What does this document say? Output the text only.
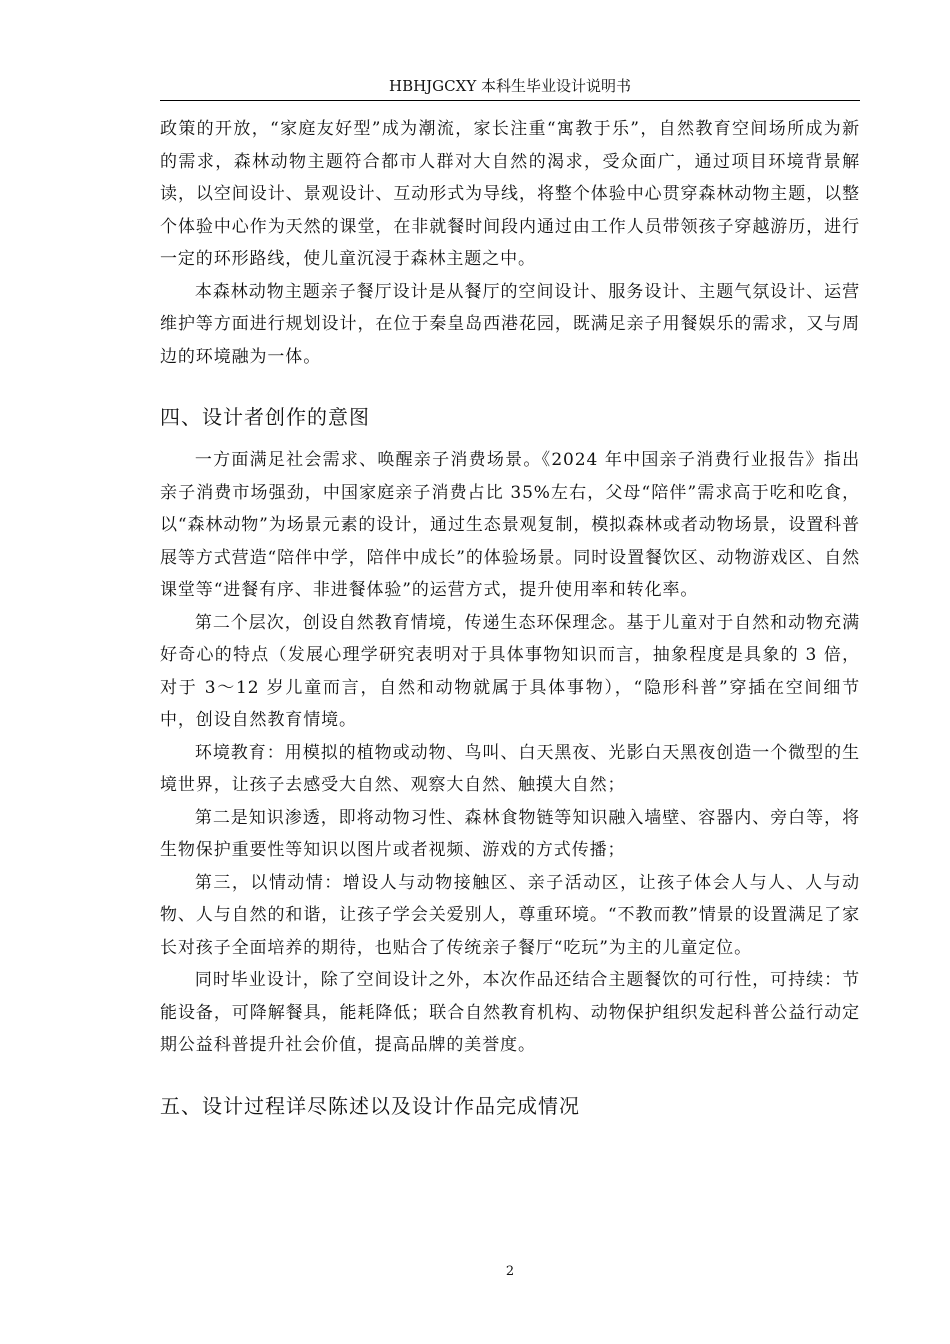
HBHJGCXY 本科生毕业设计说明书

政策的开放，“家庭友好型”成为潮流，家长注重“寓教于乐”，自然教育空间场所成为新的需求，森林动物主题符合都市人群对大自然的渴求，受众面广，通过项目环境背景解读，以空间设计、景观设计、互动形式为导线，将整个体验中心贯穿森林动物主题，以整个体验中心作为天然的课堂，在非就餐时间段内通过由工作人员带领孩子穿越游历，进行一定的环形路线，使儿童沉浸于森林主题之中。

本森林动物主题亲子餐厅设计是从餐厅的空间设计、服务设计、主题气氛设计、运营维护等方面进行规划设计，在位于秦皇岛西港花园，既满足亲子用餐娱乐的需求，又与周边的环境融为一体。

四、设计者创作的意图

一方面满足社会需求、唤醒亲子消费场景。《2024 年中国亲子消费行业报告》指出亲子消费市场强劲，中国家庭亲子消费占比 35%左右，父母“陪伴”需求高于吃和吃食，以“森林动物”为场景元素的设计，通过生态景观复制，模拟森林或者动物场景，设置科普展等方式营造“陪伴中学，陪伴中成长”的体验场景。同时设置餐饮区、动物游戏区、自然课堂等“进餐有序、非进餐体验”的运营方式，提升使用率和转化率。

第二个层次，创设自然教育情境，传递生态环保理念。基于儿童对于自然和动物充满好奇心的特点（发展心理学研究表明对于具体事物知识而言，抽象程度是具象的 3 倍，对于 3～12 岁儿童而言，自然和动物就属于具体事物），“隐形科普”穿插在空间细节中，创设自然教育情境。

环境教育：用模拟的植物或动物、鸟叫、白天黑夜、光影白天黑夜创造一个微型的生境世界，让孩子去感受大自然、观察大自然、触摸大自然；

第二是知识渗透，即将动物习性、森林食物链等知识融入墙壁、容器内、旁白等，将生物保护重要性等知识以图片或者视频、游戏的方式传播；

第三，以情动情：增设人与动物接触区、亲子活动区，让孩子体会人与人、人与动物、人与自然的和谐，让孩子学会关爱别人，尊重环境。“不教而教”情景的设置满足了家长对孩子全面培养的期待，也贴合了传统亲子餐厅“吃玩”为主的儿童定位。

同时毕业设计，除了空间设计之外，本次作品还结合主题餐饮的可行性，可持续：节能设备，可降解餐具，能耗降低；联合自然教育机构、动物保护组织发起科普公益行动定期公益科普提升社会价值，提高品牌的美誉度。

五、设计过程详尽陈述以及设计作品完成情况
2
